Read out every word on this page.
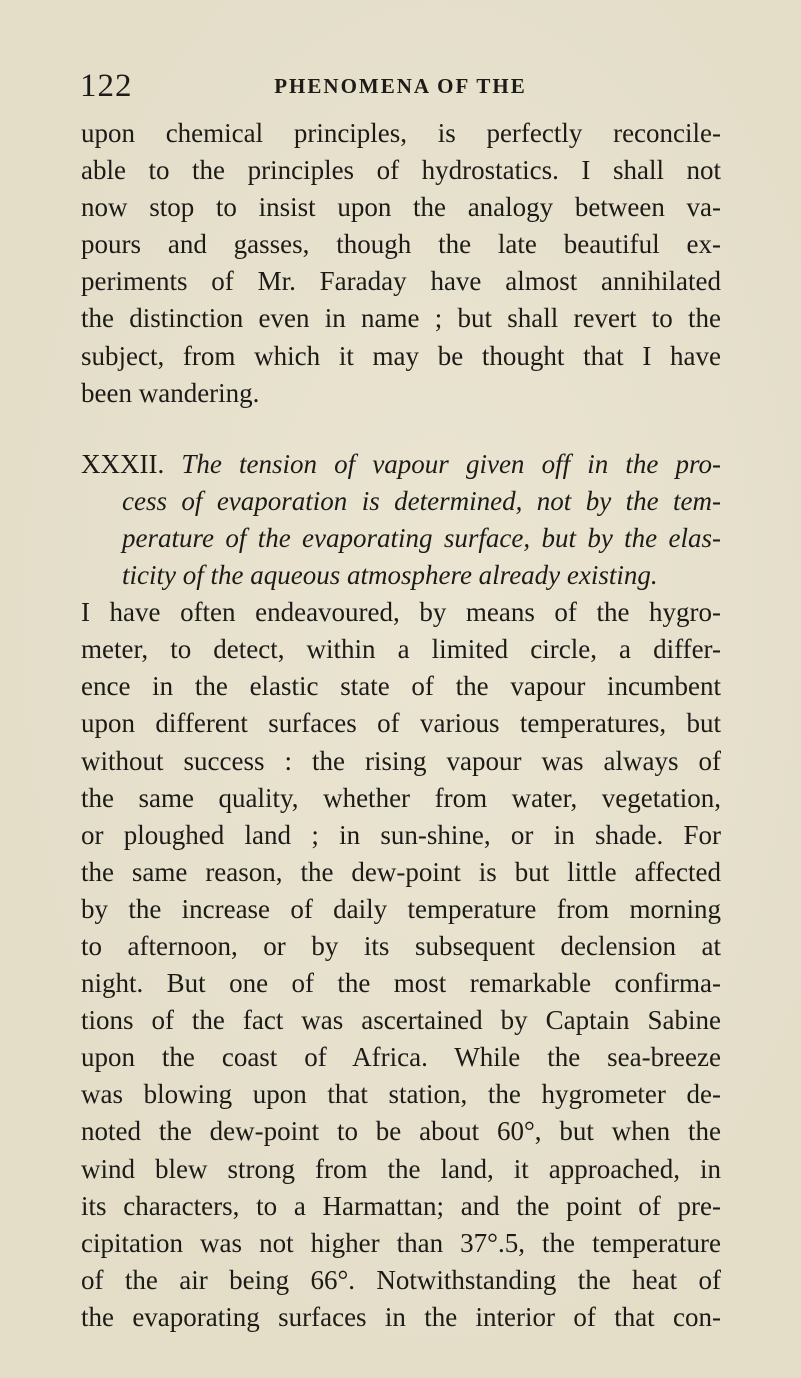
122	PHENOMENA OF THE
upon chemical principles, is perfectly reconcile-
able to the principles of hydrostatics. I shall not
now stop to insist upon the analogy between va-
pours and gasses, though the late beautiful ex-
periments of Mr. Faraday have almost annihilated
the distinction even in name ; but shall revert to the
subject, from which it may be thought that I have
been wandering.
XXXII. The tension of vapour given off in the pro-
cess of evaporation is determined, not by the tem-
perature of the evaporating surface, but by the elas-
ticity of the aqueous atmosphere already existing.
I have often endeavoured, by means of the hygro-
meter, to detect, within a limited circle, a differ-
ence in the elastic state of the vapour incumbent
upon different surfaces of various temperatures, but
without success : the rising vapour was always of
the same quality, whether from water, vegetation,
or ploughed land ; in sun-shine, or in shade. For
the same reason, the dew-point is but little affected
by the increase of daily temperature from morning
to afternoon, or by its subsequent declension at
night. But one of the most remarkable confirma-
tions of the fact was ascertained by Captain Sabine
upon the coast of Africa. While the sea-breeze
was blowing upon that station, the hygrometer de-
noted the dew-point to be about 60°, but when the
wind blew strong from the land, it approached, in
its characters, to a Harmattan; and the point of pre-
cipitation was not higher than 37°.5, the temperature
of the air being 66°. Notwithstanding the heat of
the evaporating surfaces in the interior of that con-
